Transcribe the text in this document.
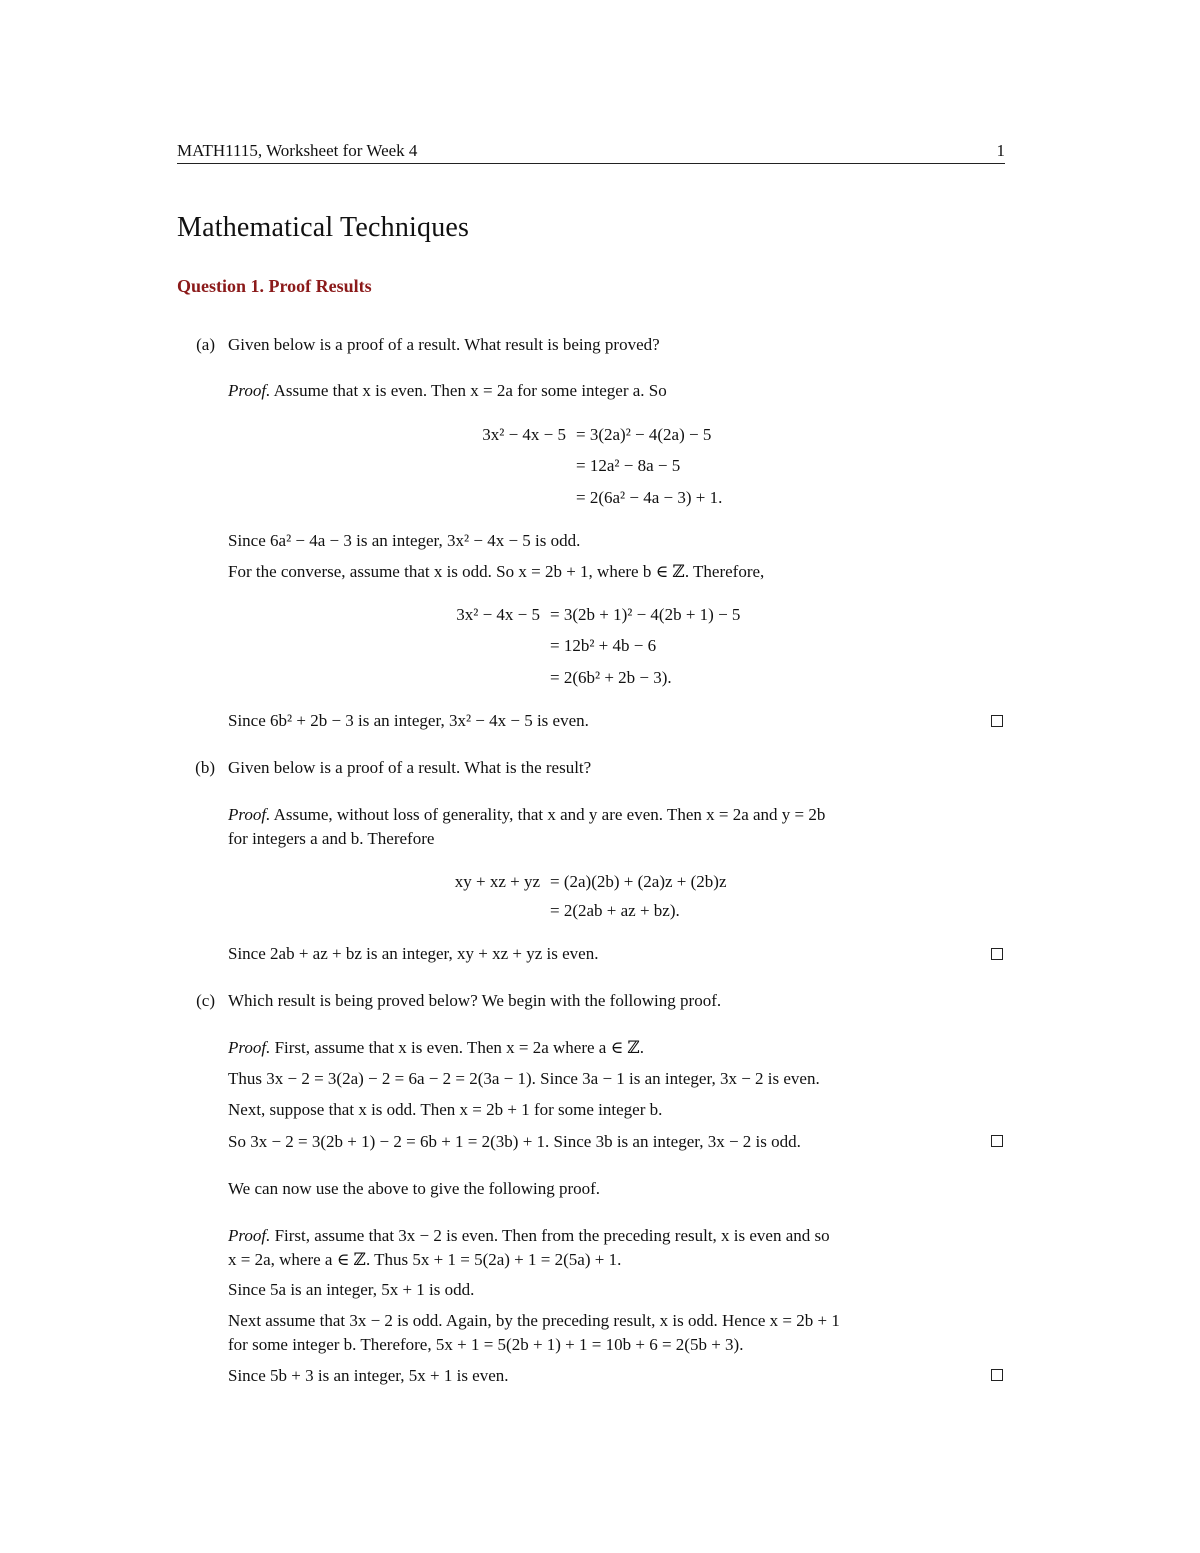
MATH1115, Worksheet for Week 4	1
Mathematical Techniques
Question 1. Proof Results
(a) Given below is a proof of a result. What result is being proved?
Proof. Assume that x is even. Then x = 2a for some integer a. So
3x² − 4x − 5 = 3(2a)² − 4(2a) − 5
= 12a² − 8a − 5
= 2(6a² − 4a − 3) + 1.
Since 6a² − 4a − 3 is an integer, 3x² − 4x − 5 is odd.
For the converse, assume that x is odd. So x = 2b + 1, where b ∈ ℤ. Therefore,
3x² − 4x − 5 = 3(2b + 1)² − 4(2b + 1) − 5
= 12b² + 4b − 6
= 2(6b² + 2b − 3).
Since 6b² + 2b − 3 is an integer, 3x² − 4x − 5 is even.
(b) Given below is a proof of a result. What is the result?
Proof. Assume, without loss of generality, that x and y are even. Then x = 2a and y = 2b
for integers a and b. Therefore
xy + xz + yz = (2a)(2b) + (2a)z + (2b)z
= 2(2ab + az + bz).
Since 2ab + az + bz is an integer, xy + xz + yz is even.
(c) Which result is being proved below? We begin with the following proof.
Proof. First, assume that x is even. Then x = 2a where a ∈ ℤ.
Thus 3x − 2 = 3(2a) − 2 = 6a − 2 = 2(3a − 1). Since 3a − 1 is an integer, 3x − 2 is even.
Next, suppose that x is odd. Then x = 2b + 1 for some integer b.
So 3x − 2 = 3(2b + 1) − 2 = 6b + 1 = 2(3b) + 1. Since 3b is an integer, 3x − 2 is odd.
We can now use the above to give the following proof.
Proof. First, assume that 3x − 2 is even. Then from the preceding result, x is even and so
x = 2a, where a ∈ ℤ. Thus 5x + 1 = 5(2a) + 1 = 2(5a) + 1.
Since 5a is an integer, 5x + 1 is odd.
Next assume that 3x − 2 is odd. Again, by the preceding result, x is odd. Hence x = 2b + 1
for some integer b. Therefore, 5x + 1 = 5(2b + 1) + 1 = 10b + 6 = 2(5b + 3).
Since 5b + 3 is an integer, 5x + 1 is even.
